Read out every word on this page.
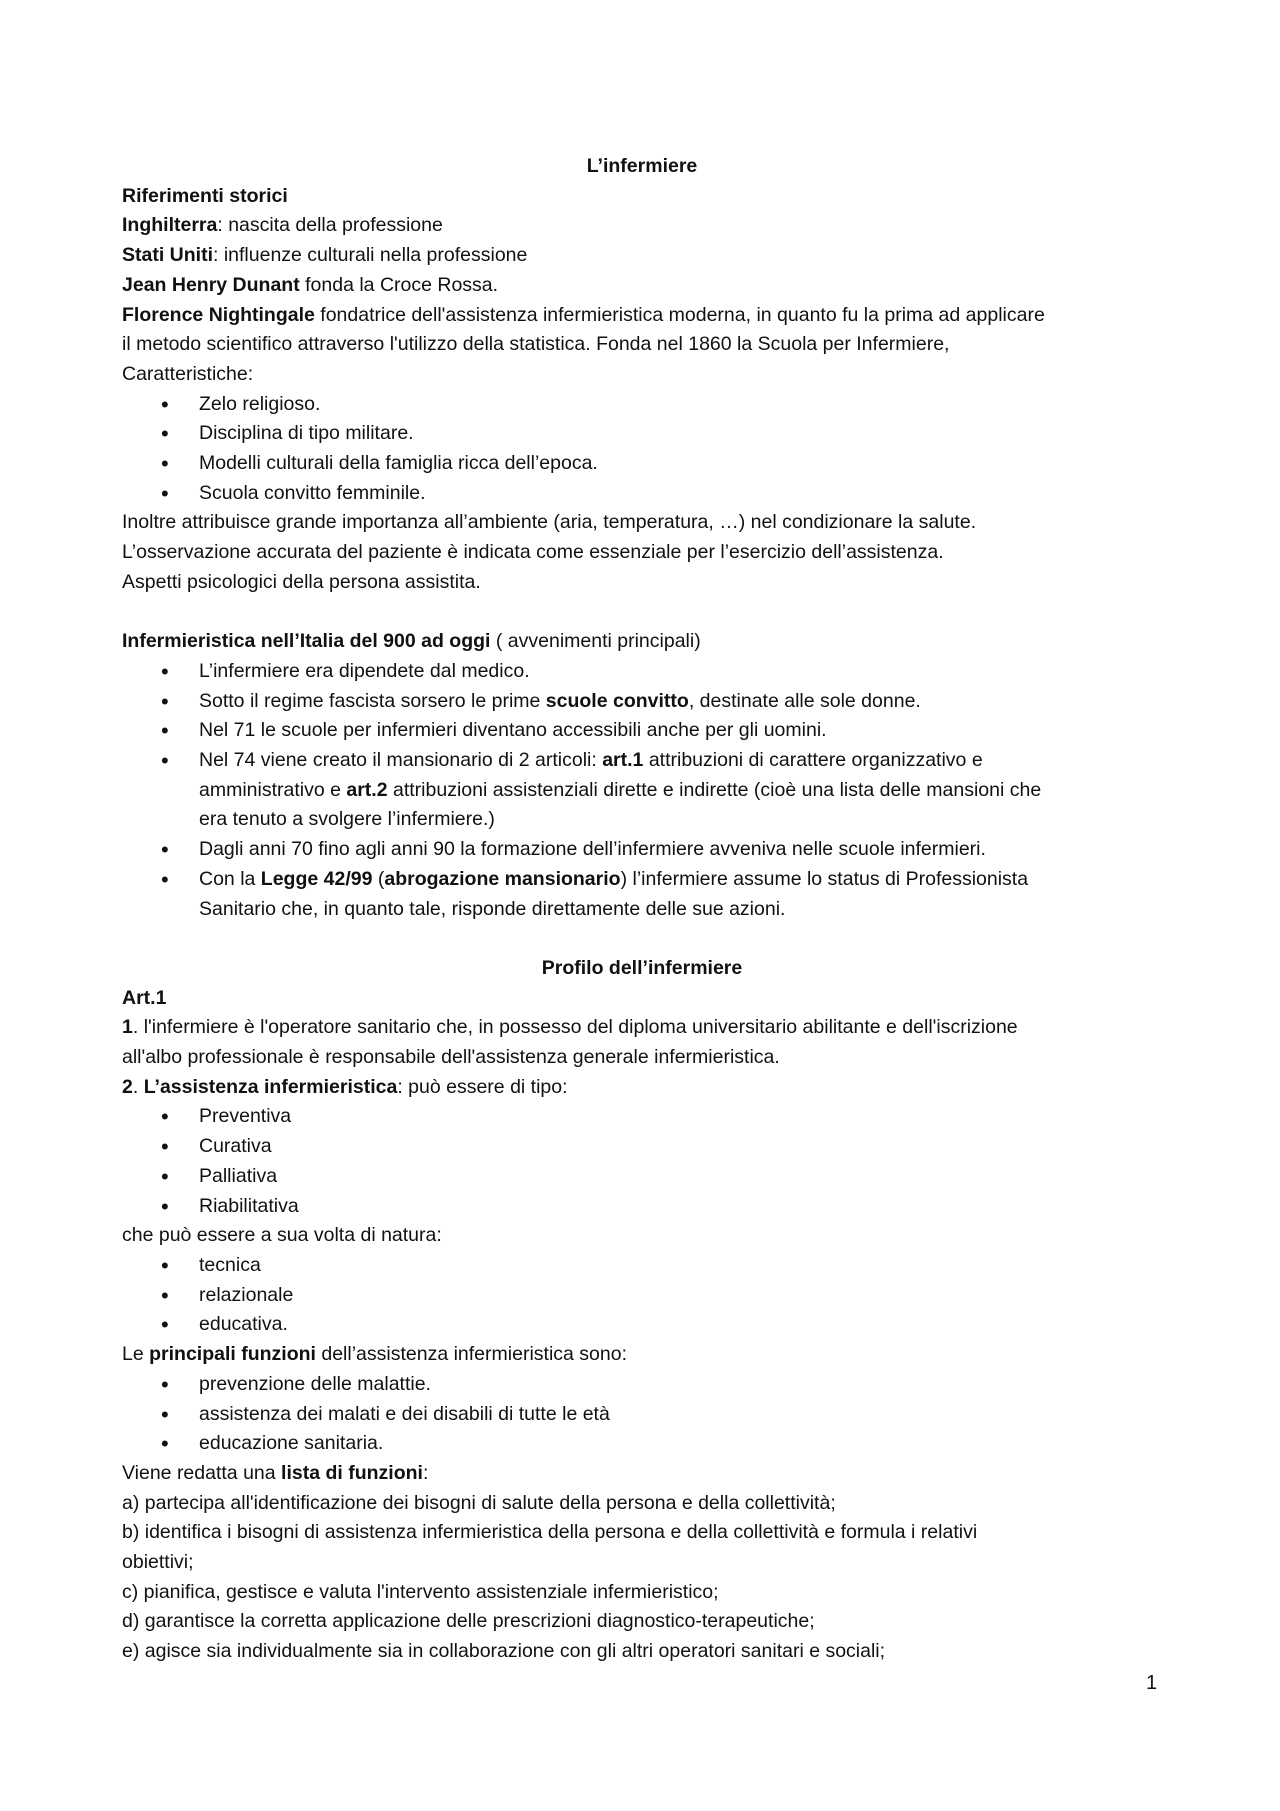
L’infermiere
Riferimenti storici
Inghilterra: nascita della professione
Stati Uniti: influenze culturali nella professione
Jean Henry Dunant fonda la Croce Rossa.
Florence Nightingale fondatrice dell'assistenza infermieristica moderna, in quanto fu la prima ad applicare
il metodo scientifico attraverso l'utilizzo della statistica. Fonda nel 1860 la Scuola per Infermiere,
Caratteristiche:
• Zelo religioso.
• Disciplina di tipo militare.
• Modelli culturali della famiglia ricca dell’epoca.
• Scuola convitto femminile.
Inoltre attribuisce grande importanza all’ambiente (aria, temperatura, …) nel condizionare la salute.
L’osservazione accurata del paziente è indicata come essenziale per l’esercizio dell’assistenza.
Aspetti psicologici della persona assistita.
Infermieristica nell’Italia del 900 ad oggi ( avvenimenti principali)
• L’infermiere era dipendete dal medico.
• Sotto il regime fascista sorsero le prime scuole convitto, destinate alle sole donne.
• Nel 71 le scuole per infermieri diventano accessibili anche per gli uomini.
• Nel 74 viene creato il mansionario di 2 articoli: art.1 attribuzioni di carattere organizzativo e
amministrativo e art.2 attribuzioni assistenziali dirette e indirette (cioè una lista delle mansioni che
era tenuto a svolgere l’infermiere.)
• Dagli anni 70 fino agli anni 90 la formazione dell’infermiere avveniva nelle scuole infermieri.
• Con la Legge 42/99 (abrogazione mansionario) l’infermiere assume lo status di Professionista
Sanitario che, in quanto tale, risponde direttamente delle sue azioni.
Profilo dell’infermiere
Art.1
1. l'infermiere è l'operatore sanitario che, in possesso del diploma universitario abilitante e dell'iscrizione
all'albo professionale è responsabile dell'assistenza generale infermieristica.
2. L’assistenza infermieristica: può essere di tipo:
• Preventiva
• Curativa
• Palliativa
• Riabilitativa
che può essere a sua volta di natura:
• tecnica
• relazionale
• educativa.
Le principali funzioni dell’assistenza infermieristica sono:
• prevenzione delle malattie.
• assistenza dei malati e dei disabili di tutte le età
• educazione sanitaria.
Viene redatta una lista di funzioni:
a) partecipa all'identificazione dei bisogni di salute della persona e della collettività;
b) identifica i bisogni di assistenza infermieristica della persona e della collettività e formula i relativi
obiettivi;
c) pianifica, gestisce e valuta l'intervento assistenziale infermieristico;
d) garantisce la corretta applicazione delle prescrizioni diagnostico-terapeutiche;
e) agisce sia individualmente sia in collaborazione con gli altri operatori sanitari e sociali;
1
